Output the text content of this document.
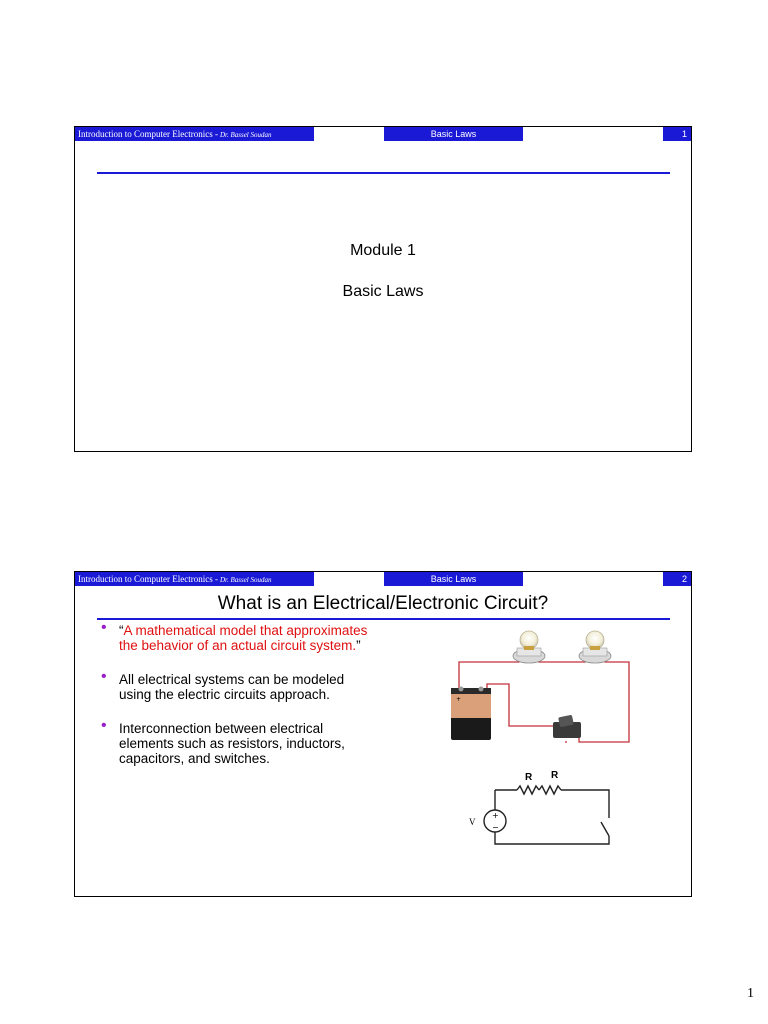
Introduction to Computer Electronics - Dr. Bassel Soudan	Basic Laws	1
Module 1
Basic Laws
Introduction to Computer Electronics - Dr. Bassel Soudan	Basic Laws	2
What is an Electrical/Electronic Circuit?
• “A mathematical model that approximates the behavior of an actual circuit system.”
• All electrical systems can be modeled using the electric circuits approach.
• Interconnection between electrical elements such as resistors, inductors, capacitors, and switches.
+
R R
V
+
−
1
